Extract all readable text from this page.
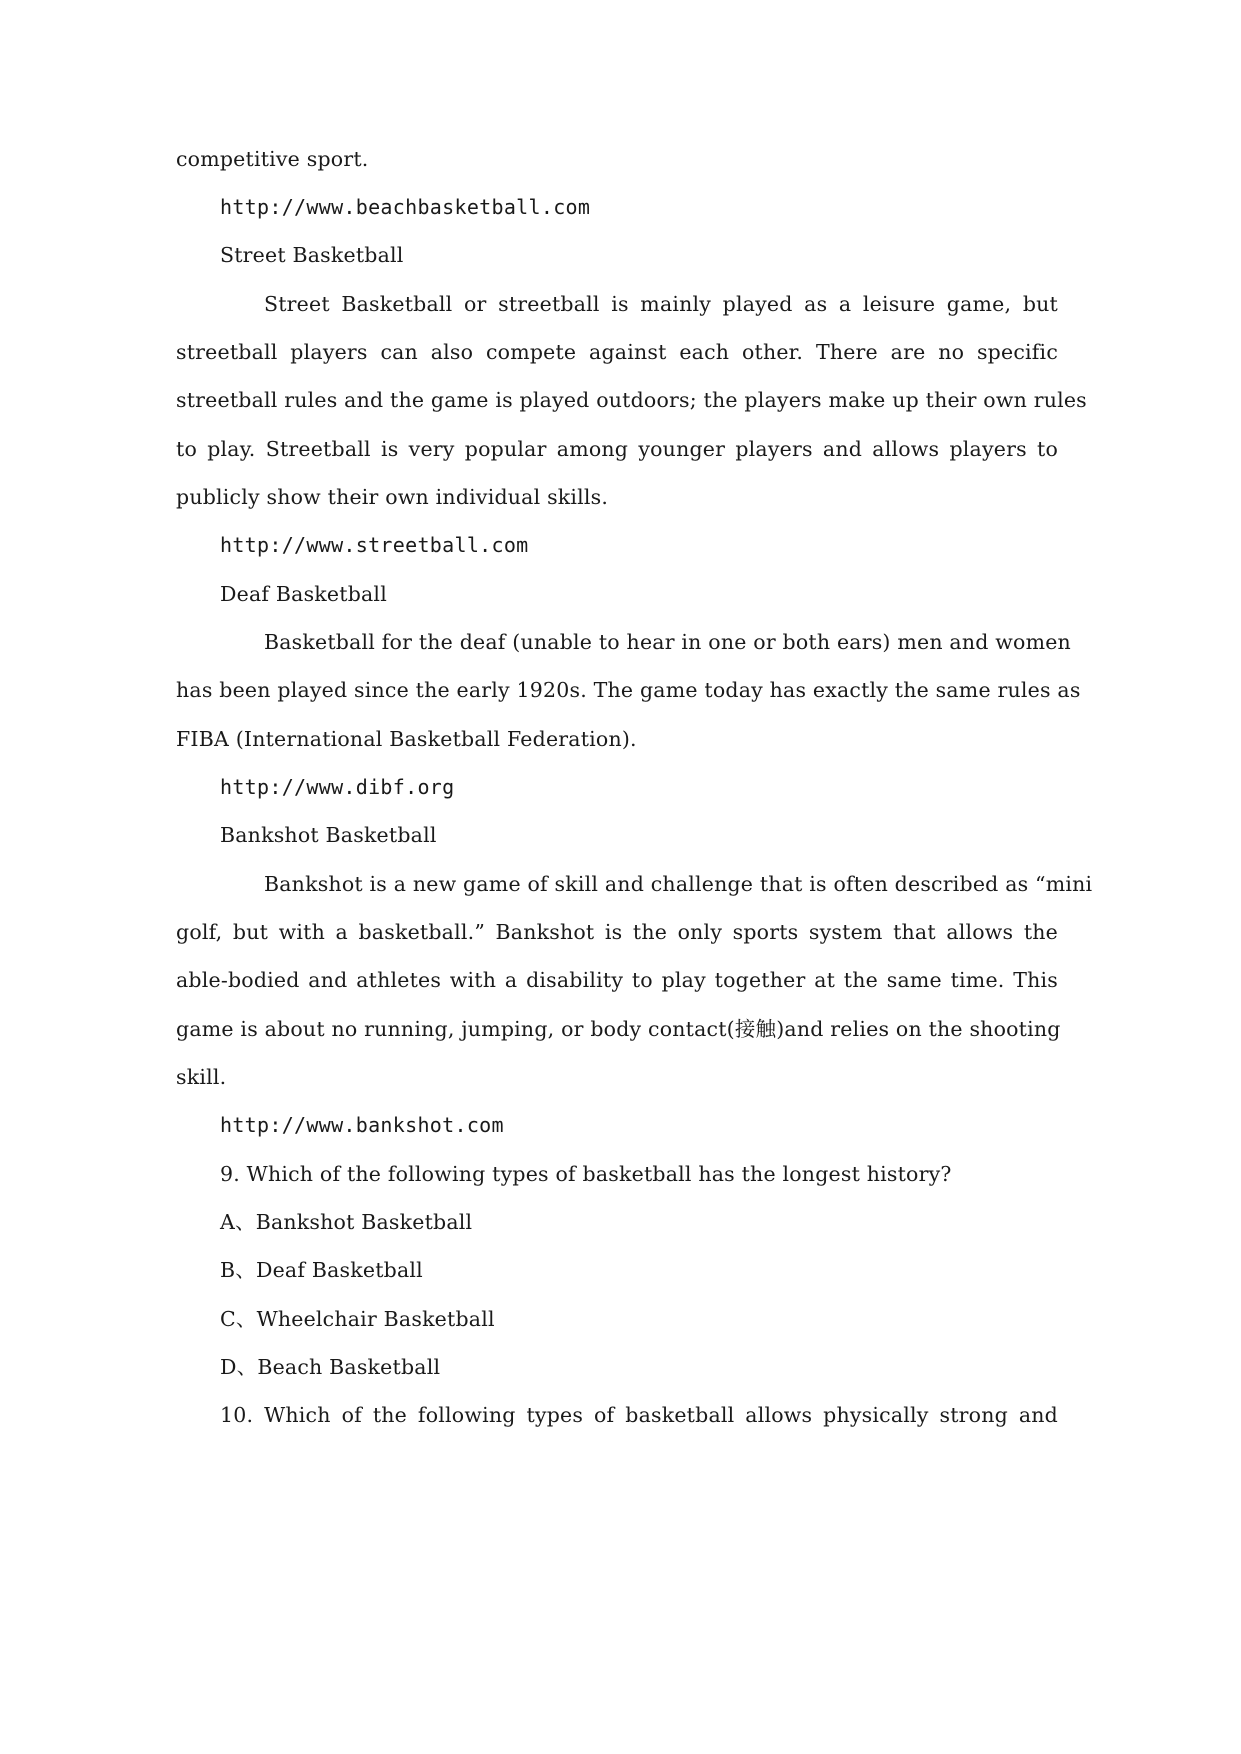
competitive sport.
http://www.beachbasketball.com
Street Basketball
Street Basketball or streetball is mainly played as a leisure game, but
streetball players can also compete against each other. There are no specific
streetball rules and the game is played outdoors; the players make up their own rules
to play. Streetball is very popular among younger players and allows players to
publicly show their own individual skills.
http://www.streetball.com
Deaf Basketball
Basketball for the deaf (unable to hear in one or both ears) men and women
has been played since the early 1920s. The game today has exactly the same rules as
FIBA (International Basketball Federation).
http://www.dibf.org
Bankshot Basketball
Bankshot is a new game of skill and challenge that is often described as “mini
golf, but with a basketball.” Bankshot is the only sports system that allows the
able-bodied and athletes with a disability to play together at the same time. This
game is about no running, jumping, or body contact(接触)and relies on the shooting
skill.
http://www.bankshot.com
9. Which of the following types of basketball has the longest history?
A、Bankshot Basketball
B、Deaf Basketball
C、Wheelchair Basketball
D、Beach Basketball
10. Which of the following types of basketball allows physically strong and
